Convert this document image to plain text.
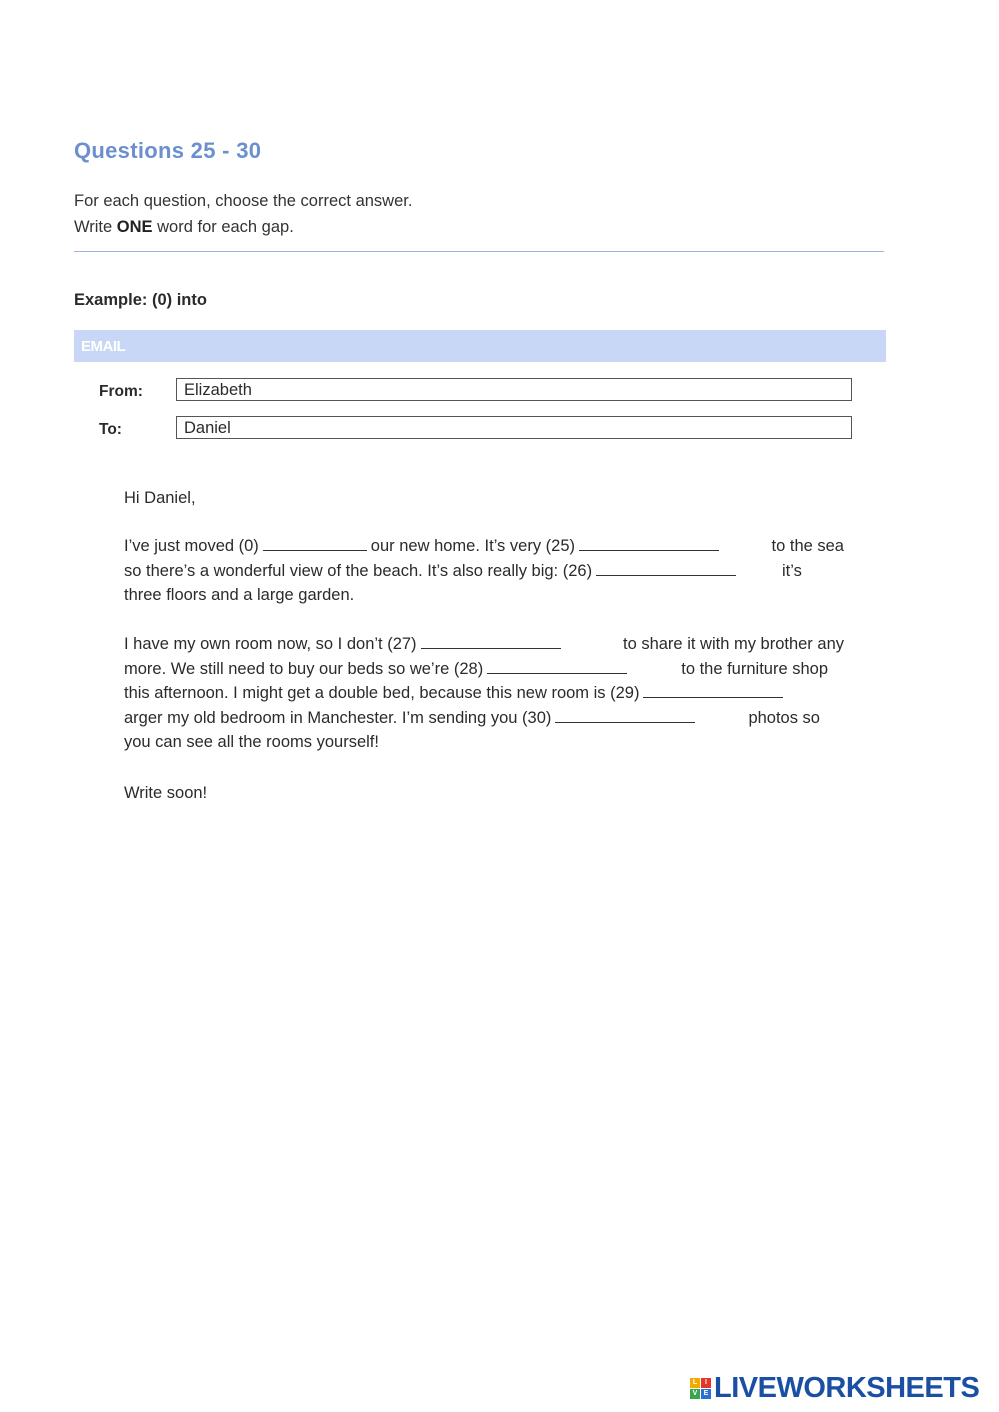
Questions 25 - 30
For each question, choose the correct answer.
Write ONE word for each gap.
Example: (0) into
EMAIL
From:	Elizabeth
To:	Daniel
Hi Daniel,
I’ve just moved (0)	our new home. It’s very (25)	to the sea
so there’s a wonderful view of the beach. It’s also really big: (26)	it’s
three floors and a large garden.
I have my own room now, so I don’t (27)	to share it with my brother any
more. We still need to buy our beds so we’re (28)	to the furniture shop
this afternoon. I might get a double bed, because this new room is (29)
arger my old bedroom in Manchester. I’m sending you (30)	photos so
you can see all the rooms yourself!
Write soon!
L	I
V E LIVEWORKSHEETS
